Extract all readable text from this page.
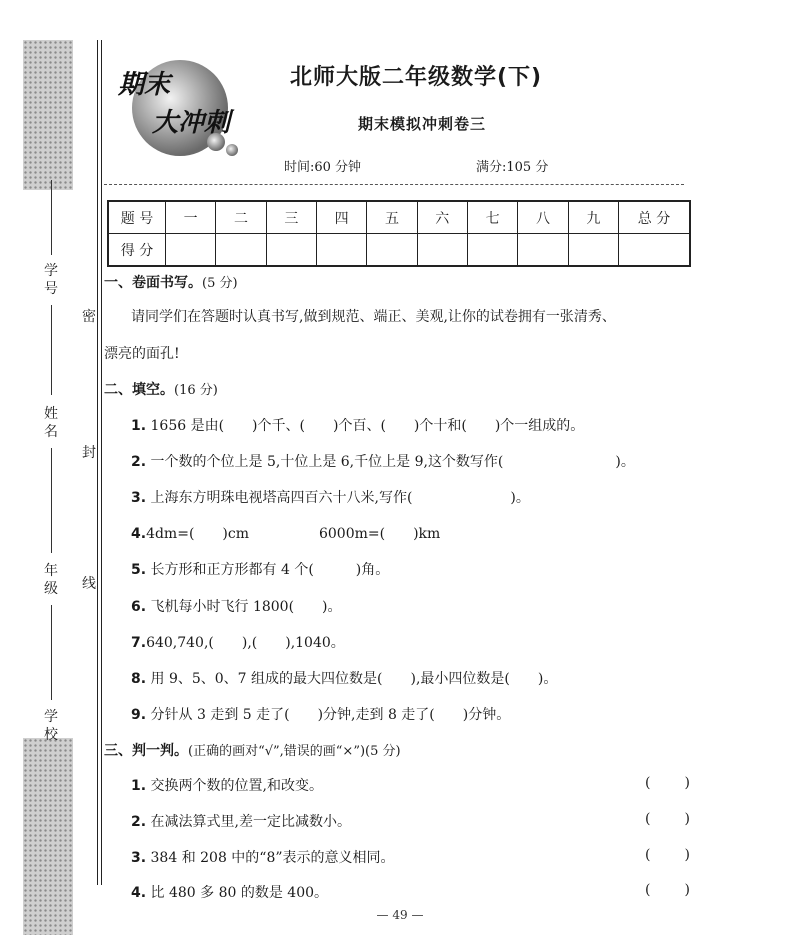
学号
姓名
年级
学校
密
封
线
期末
大冲刺
北师大版二年级数学(下)
期末模拟冲刺卷三
时间:60 分钟	满分:105 分
题 号	一	二	三	四	五	六	七	八	九	总 分
得 分										
一、卷面书写。(5 分)
请同学们在答题时认真书写,做到规范、端正、美观,让你的试卷拥有一张清秀、
漂亮的面孔!
二、填空。(16 分)
1. 1656 是由(　　)个千、(　　)个百、(　　)个十和(　　)个一组成的。
2. 一个数的个位上是 5,十位上是 6,千位上是 9,这个数写作(　　　　　　　　)。
3. 上海东方明珠电视塔高四百六十八米,写作(　　　　　　　)。
4.4dm=(　　)cm　　　　　6000m=(　　)km
5. 长方形和正方形都有 4 个(　　　)角。
6. 飞机每小时飞行 1800(　　)。
7.640,740,(　　),(　　),1040。
8. 用 9、5、0、7 组成的最大四位数是(　　),最小四位数是(　　)。
9. 分针从 3 走到 5 走了(　　)分钟,走到 8 走了(　　)分钟。
三、判一判。(正确的画对“√”,错误的画“×”)(5 分)
1. 交换两个数的位置,和改变。	( )
2. 在减法算式里,差一定比减数小。	( )
3. 384 和 208 中的“8”表示的意义相同。	( )
4. 比 480 多 80 的数是 400。	( )
— 49 —
